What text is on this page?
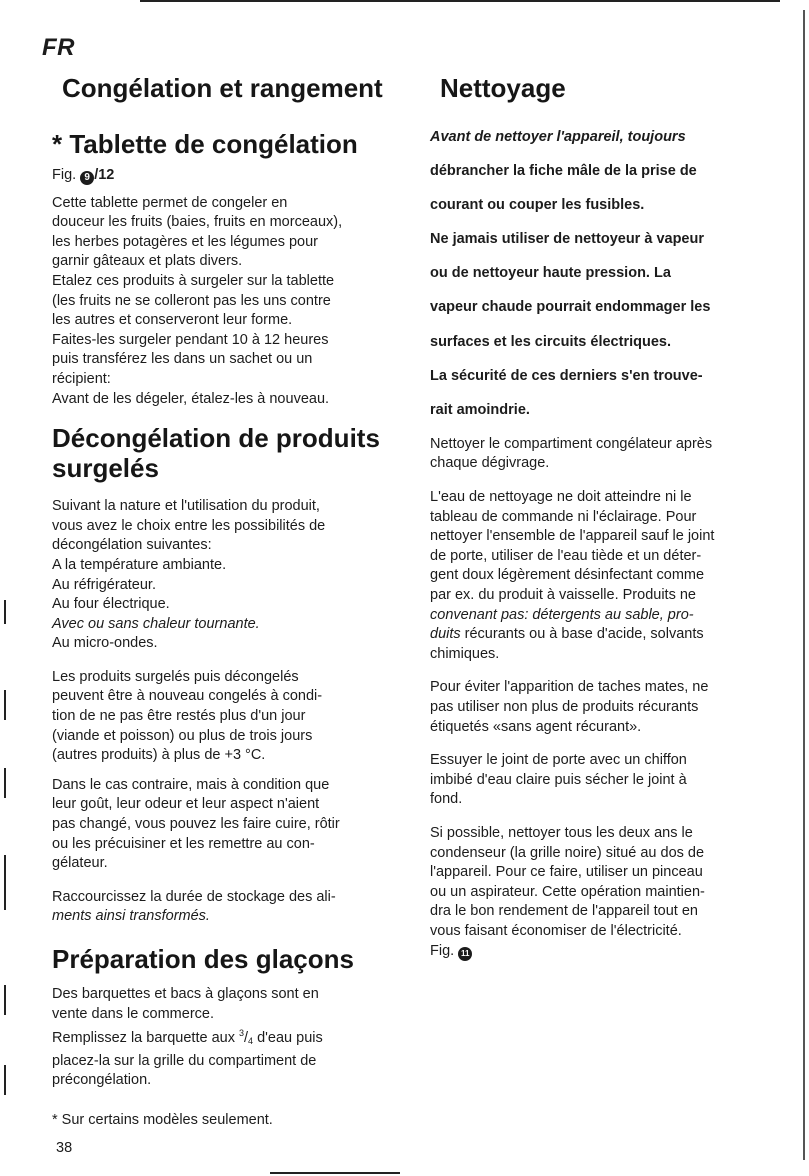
FR
Congélation et rangement
* Tablette de congélation
Fig. 9 /12

Cette tablette permet de congeler en

douceur les fruits (baies, fruits en morceaux),

les herbes potagères et les légumes pour

garnir gâteaux et plats divers.

Etalez ces produits à surgeler sur la tablette

(les fruits ne se colleront pas les uns contre

les autres et conserveront leur forme.

Faites-les surgeler pendant 10 à 12 heures

puis transférez les dans un sachet ou un

récipient:

Avant de les dégeler, étalez-les à nouveau.

Décongélation de produits
surgelés

Suivant la nature et l'utilisation du produit,

vous avez le choix entre les possibilités de

décongélation suivantes:

A la température ambiante.

Au réfrigérateur.

Au four électrique.

Avec ou sans chaleur tournante.

Au micro-ondes.

Les produits surgelés puis décongelés

peuvent être à nouveau congelés à condi-

tion de ne pas être restés plus d'un jour

(viande et poisson) ou plus de trois jours

(autres produits) à plus de +3 °C.

Dans le cas contraire, mais à condition que

leur goût, leur odeur et leur aspect n'aient

pas changé, vous pouvez les faire cuire, rôtir

ou les précuisiner et les remettre au con-

gélateur.

Raccourcissez la durée de stockage des ali-

ments ainsi transformés.

Préparation des glaçons

Des barquettes et bacs à glaçons sont en

vente dans le commerce.

Remplissez la barquette aux $^3$/4 d'eau puis

placez-la sur la grille du compartiment de

précongélation.

Nettoyage

Avant de nettoyer l'appareil, toujours

débrancher la fiche mâle de la prise de

courant ou couper les fusibles.

Ne jamais utiliser de nettoyeur à vapeur

ou de nettoyeur haute pression. La

vapeur chaude pourrait endommager les

surfaces et les circuits électriques.

La sécurité de ces derniers s'en trouve-

rait amoindrie.

Nettoyer le compartiment congélateur après

chaque dégivrage.

L'eau de nettoyage ne doit atteindre ni le

tableau de commande ni l'éclairage. Pour

nettoyer l'ensemble de l'appareil sauf le joint

de porte, utiliser de l'eau tiède et un déter-

gent doux légèrement désinfectant comme

par ex. du produit à vaisselle. Produits ne

convenant pas: détergents au sable, pro-

duits récurants ou à base d'acide, solvants

chimiques.

Pour éviter l'apparition de taches mates, ne

pas utiliser non plus de produits récurants

étiquetés «sans agent récurant».

Essuyer le joint de porte avec un chiffon

imbibé d'eau claire puis sécher le joint à

fond.

Si possible, nettoyer tous les deux ans le

condenseur (la grille noire) situé au dos de

l'appareil. Pour ce faire, utiliser un pinceau

ou un aspirateur. Cette opération maintien-

dra le bon rendement de l'appareil tout en

vous faisant économiser de l'électricité.

Fig. 11

* Sur certains modèles seulement.
38
